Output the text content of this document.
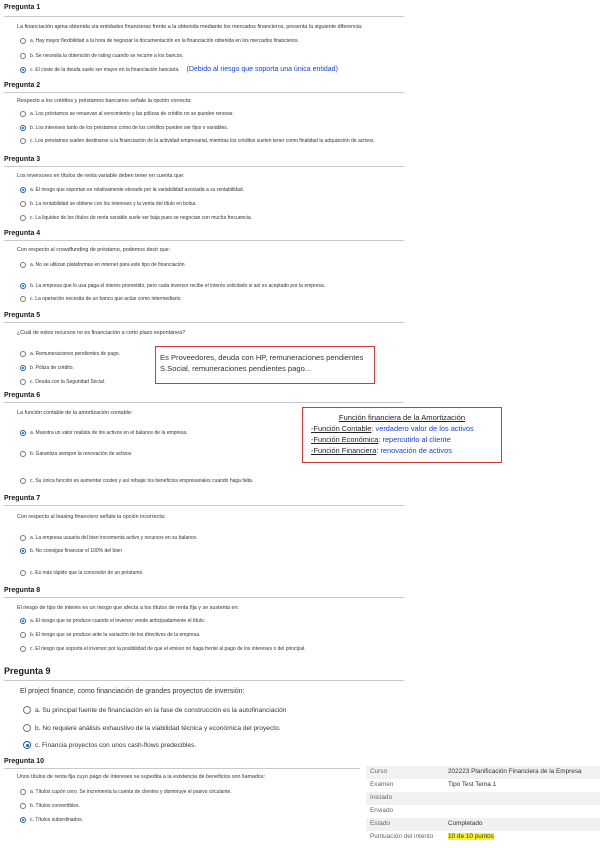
Pregunta 1
La financiación ajena obtenida vía entidades financieras frente a la obtenida mediante los mercados financieros, presenta la siguiente diferencia:
a. Hay mayor flexibilidad a la hora de negociar la documentación en la financiación obtenida en los mercados financieros.
b. Se necesita la obtención de rating cuando se recurre a los bancos.
c. El coste de la deuda suele ser mayor en la financiación bancaria. (Debido al riesgo que soporta una única entidad)
Pregunta 2
Respecto a los créditos y préstamos bancarios señale la opción correcta:
a. Los préstamos se renuevan al vencimiento y las pólizas de crédito no se pueden renovar.
b. Los intereses tanto de los préstamos como de los créditos pueden ser fijos o variables.
c. Los préstamos suelen destinarse a la financiación de la actividad empresarial, mientras los créditos suelen tener como finalidad la adquisición de activos.
Pregunta 3
Los inversores en títulos de renta variable deben tener en cuenta que:
a. El riesgo que soportan es relativamente elevado por la variabilidad asociada a su rentabilidad.
b. La rentabilidad se obtiene con los intereses y la venta del título en bolsa.
c. La liquidez de los títulos de renta variable suele ser baja pues se negocian con mucha frecuencia.
Pregunta 4
Con respecto al crowdfunding de préstamo, podemos decir que:
a. No se utilizan plataformas en internet para este tipo de financiación.
b. La empresa que lo usa paga el interés prometido, pero cada inversor recibe el interés solicitado si así es aceptado por la empresa.
c. La operación necesita de un banco que actúe como intermediario.
Pregunta 5
¿Cuál de estos recursos no es financiación a corto plazo espontánea?
a. Remuneraciones pendientes de pago.
b. Póliza de crédito.
c. Deuda con la Seguridad Social.
Es Proveedores, deuda con HP, remuneraciones pendientes S.Social, remuneraciones pendientes pago...
Pregunta 6
La función contable de la amortización contable:
a. Muestra un valor realista de los activos en el balance de la empresa.
b. Garantiza siempre la renovación de activos
c. Su única función es aumentar costes y así rebajar los beneficios empresariales cuando haga falta.
Función financiera de la Amortización
-Función Contable: verdadero valor de los activos
-Función Económica: repercutirlo al cliente
-Función Financiera: renovación de activos
Pregunta 7
Con respecto al leasing financiero señale la opción incorrecta:
a. La empresa usuaria del bien incrementa activo y recursos en su balance.
b. No consigue financiar el 100% del bien
c. Es más rápido que la concesión de un préstamo.
Pregunta 8
El riesgo de tipo de interés es un riesgo que afecta a los títulos de renta fija y se sustenta en:
a. El riesgo que se produce cuando el inversor vende anticipadamente el título.
b. El riesgo que se produce ante la variación de los directivos de la empresa.
c. El riesgo que soporta el inversor por la posibilidad de que el emisor no haga frente al pago de los intereses o del principal.
Pregunta 9
El project finance, como financiación de grandes proyectos de inversión:
a. Su principal fuente de financiación en la fase de construcción es la autofinanciación
b. No requiere análisis exhaustivo de la viabilidad técnica y económica del proyecto.
c. Financia proyectos con unos cash-flows predecibles.
Pregunta 10
Unos títulos de renta fija cuyo pago de intereses se supedita a la existencia de beneficios son llamados:
a. Títulos cupón cero. Se incrementa la cuenta de clientes y disminuye el pasivo circulante.
b. Títulos convertibles.
c. Títulos subordinados.
Curso	202223 Planificación Financiera de la Empresa
Examen	Tipo Test Tema 1
Iniciado
Enviado
Estado	Completado
Puntuación del intento 10 de 10 puntos
